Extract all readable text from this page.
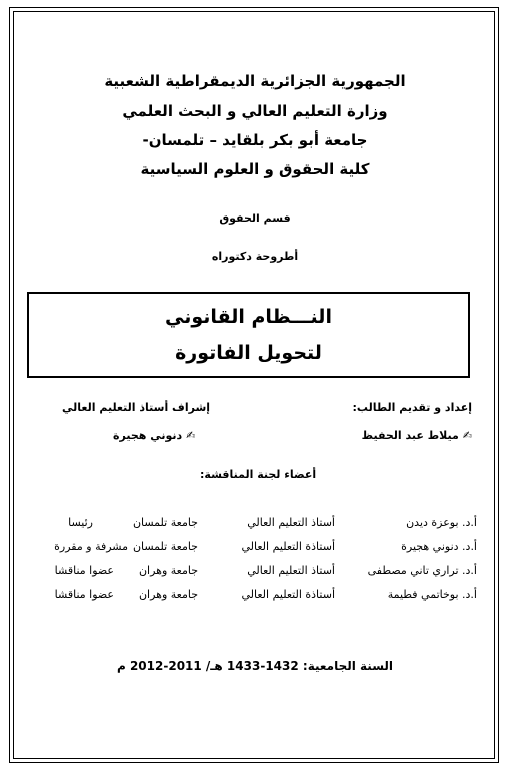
الجمهورية الجزائرية الديمقراطية الشعبية
وزارة التعليم العالي و البحث العلمي
جامعة أبو بكر بلقايد – تلمسان-
كلية الحقوق و العلوم السياسية
قسم الحقوق
أطروحة دكتوراه
النـــظام القانوني
لتحويل الفاتورة
إعداد و تقديم الطالب:
✍ميلاط عبد الحفيظ
إشراف أستاذ التعليم العالي
✍دنوني هجيرة
أعضاء لجنة المناقشة:
أ.د. بوعزة ديدن
أستاذ التعليم العالي
جامعة تلمسان
رئيسا
أ.د. دنوني هجيرة
أستاذة التعليم العالي
جامعة تلمسان
مشرفة و مقررة
أ.د. تراري تاني مصطفى
أستاذ التعليم العالي
جامعة وهران
عضوا مناقشا
أ.د. بوخاتمي فطيمة
أستاذة التعليم العالي
جامعة وهران
عضوا مناقشا
السنة الجامعية: 1432-1433 هـ/ 2011-2012 م
